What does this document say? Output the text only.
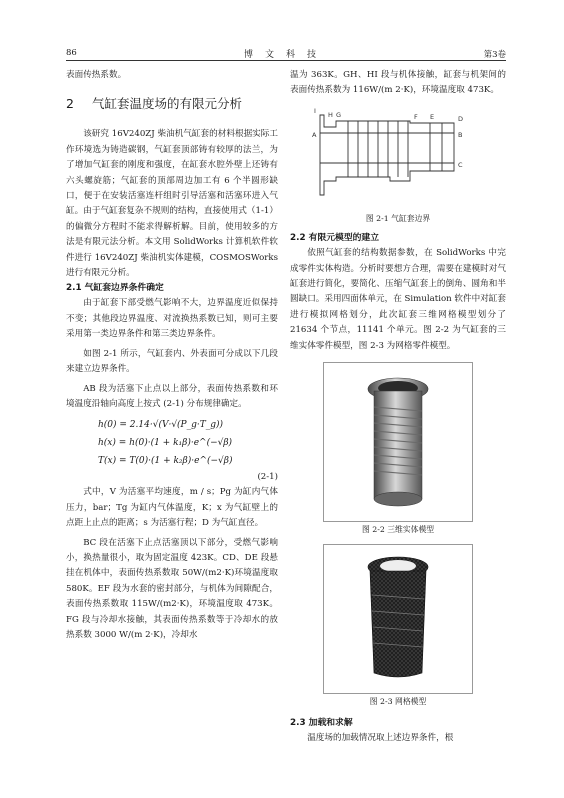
86	博文科技	第3卷
表面传热系数。
2 气缸套温度场的有限元分析
该研究 16V240ZJ 柴油机气缸套的材料根据实际工作环境选为铸造碳钢，气缸套顶部铸有较厚的法兰，为了增加气缸套的刚度和强度，在缸套水腔外壁上还铸有六头螺旋筋；气缸套的顶部周边加工有 6 个半圆形缺口，便于在安装活塞连杆组时引导活塞和活塞环进入气缸。由于气缸套复杂不规则的结构，直接使用式（1-1）的偏微分方程时不能求得解析解。目前，使用较多的方法是有限元法分析。本文用 SolidWorks 计算机软件软件进行 16V240ZJ 柴油机实体建模，COSMOSWorks 进行有限元分析。
2.1 气缸套边界条件确定
由于缸套下部受燃气影响不大，边界温度近似保持不变；其他段边界温度、对流换热系数已知，则可主要采用第一类边界条件和第三类边界条件。
如图 2-1 所示，气缸套内、外表面可分成以下几段来建立边界条件。
AB 段为活塞下止点以上部分，表面传热系数和环境温度沿轴向高度上按式 (2-1) 分布规律确定。
h(0) = 2.14·√(V·√(P_g·T_g))
h(x) = h(0)·(1 + k₁β)·e^(−√β)
T(x) = T(0)·(1 + k₂β)·e^(−√β)
(2-1)
式中，V 为活塞平均速度，m / s；Pg 为缸内气体压力，bar；Tg 为缸内气体温度，K；x 为气缸壁上的点距上止点的距离；s 为活塞行程；D 为气缸直径。
BC 段在活塞下止点活塞顶以下部分，受燃气影响小，换热量很小，取为固定温度 423K。CD、DE 段悬挂在机体中，表面传热系数取 50W/(m2·K)环境温度取 580K。EF 段为水套的密封部分，与机体为间隙配合，表面传热系数取 115W/(m2·K)，环境温度取 473K。FG 段与冷却水接触，其表面传热系数等于冷却水的放热系数 3000 W/(m 2·K)，冷却水
温为 363K。GH、HI 段与机体接触，缸套与机架间的表面传热系数为 116W/(m 2·K)，环境温度取 473K。
I H G	F E	D
A	B
C
图 2-1 气缸套边界
2.2 有限元模型的建立
依照气缸套的结构数据参数，在 SolidWorks 中完成零件实体构造。分析时要想方合理，需要在建模时对气缸套进行简化，要简化、压缩气缸套上的倒角、圆角和半圆缺口。采用四面体单元，在 Simulation 软件中对缸套进行模拟网格划分，此次缸套三维网格模型划分了 21634 个节点，11141 个单元。图 2-2 为气缸套的三维实体零件模型，图 2-3 为网格零件模型。
图 2-2 三维实体模型
图 2-3 网格模型
2.3 加载和求解
温度场的加载情况取上述边界条件，根
